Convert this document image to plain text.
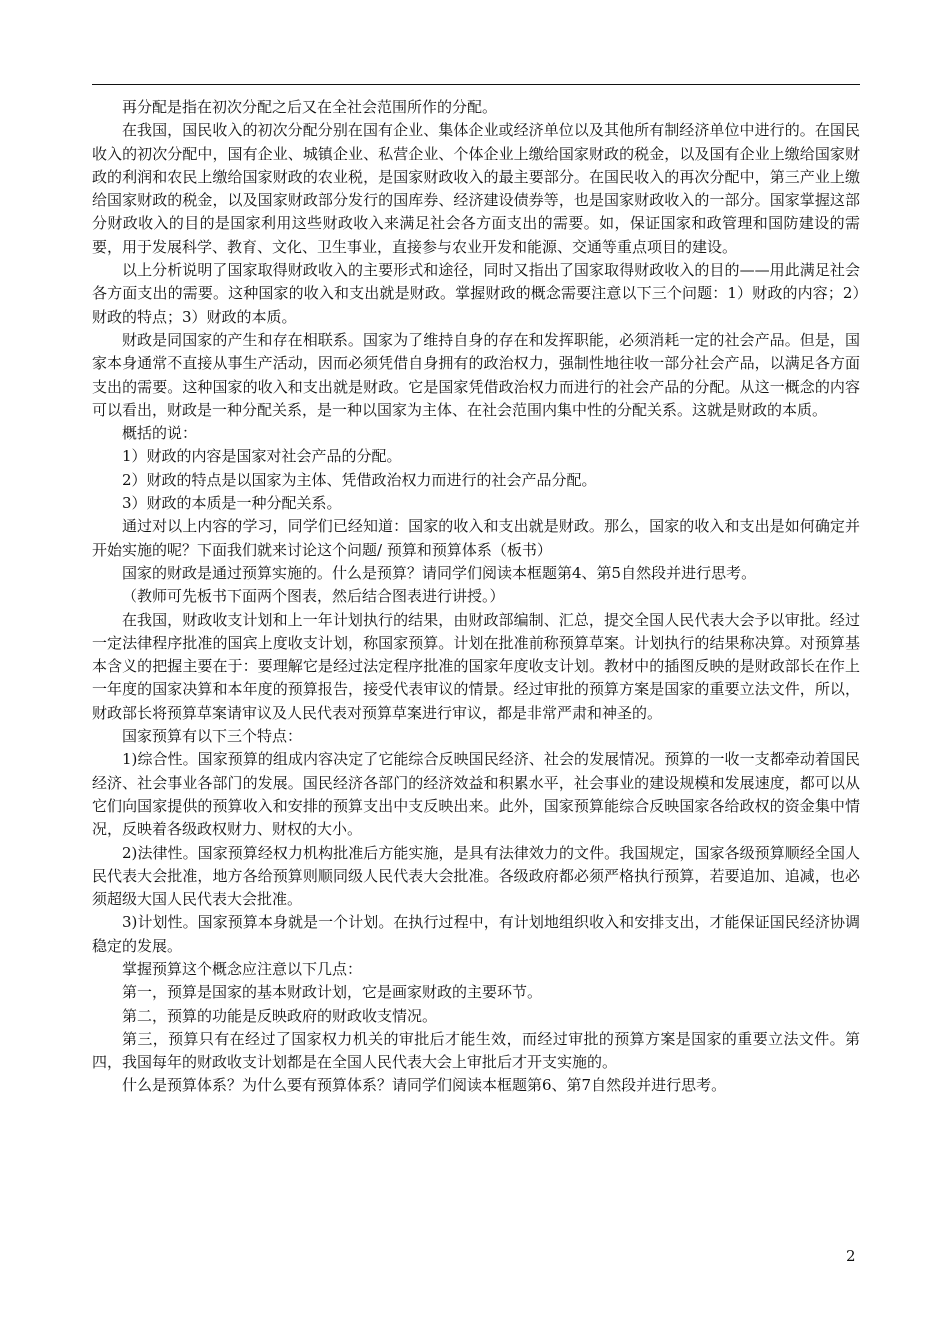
再分配是指在初次分配之后又在全社会范围所作的分配。

在我国，国民收入的初次分配分别在国有企业、集体企业或经济单位以及其他所有制经济单位中进行的。在国民收入的初次分配中，国有企业、城镇企业、私营企业、个体企业上缴给国家财政的税金，以及国有企业上缴给国家财政的利润和农民上缴给国家财政的农业税，是国家财政收入的最主要部分。在国民收入的再次分配中，第三产业上缴给国家财政的税金，以及国家财政部分发行的国库券、经济建设债券等，也是国家财政收入的一部分。国家掌握这部分财政收入的目的是国家利用这些财政收入来满足社会各方面支出的需要。如，保证国家和政管理和国防建设的需要，用于发展科学、教育、文化、卫生事业，直接参与农业开发和能源、交通等重点项目的建设。

以上分析说明了国家取得财政收入的主要形式和途径，同时又指出了国家取得财政收入的目的——用此满足社会各方面支出的需要。这种国家的收入和支出就是财政。掌握财政的概念需要注意以下三个问题：1）财政的内容；2）财政的特点；3）财政的本质。

财政是同国家的产生和存在相联系。国家为了维持自身的存在和发挥职能，必须消耗一定的社会产品。但是，国家本身通常不直接从事生产活动，因而必须凭借自身拥有的政治权力，强制性地往收一部分社会产品，以满足各方面支出的需要。这种国家的收入和支出就是财政。它是国家凭借政治权力而进行的社会产品的分配。从这一概念的内容可以看出，财政是一种分配关系，是一种以国家为主体、在社会范围内集中性的分配关系。这就是财政的本质。

概括的说：

1）财政的内容是国家对社会产品的分配。

2）财政的特点是以国家为主体、凭借政治权力而进行的社会产品分配。

3）财政的本质是一种分配关系。

通过对以上内容的学习，同学们已经知道：国家的收入和支出就是财政。那么，国家的收入和支出是如何确定并开始实施的呢？下面我们就来讨论这个问题/ 预算和预算体系（板书）

国家的财政是通过预算实施的。什么是预算？请同学们阅读本框题第4、第5自然段并进行思考。

（教师可先板书下面两个图表，然后结合图表进行讲授。）

在我国，财政收支计划和上一年计划执行的结果，由财政部编制、汇总，提交全国人民代表大会予以审批。经过一定法律程序批准的国宾上度收支计划，称国家预算。计划在批准前称预算草案。计划执行的结果称决算。对预算基本含义的把握主要在于：要理解它是经过法定程序批准的国家年度收支计划。教材中的插图反映的是财政部长在作上一年度的国家决算和本年度的预算报告，接受代表审议的情景。经过审批的预算方案是国家的重要立法文件，所以，财政部长将预算草案请审议及人民代表对预算草案进行审议，都是非常严肃和神圣的。

国家预算有以下三个特点：

1)综合性。国家预算的组成内容决定了它能综合反映国民经济、社会的发展情况。预算的一收一支都牵动着国民经济、社会事业各部门的发展。国民经济各部门的经济效益和积累水平，社会事业的建设规模和发展速度，都可以从它们向国家提供的预算收入和安排的预算支出中支反映出来。此外，国家预算能综合反映国家各给政权的资金集中情况，反映着各级政权财力、财权的大小。

2)法律性。国家预算经权力机构批准后方能实施，是具有法律效力的文件。我国规定，国家各级预算顺经全国人民代表大会批准，地方各给预算则顺同级人民代表大会批准。各级政府都必须严格执行预算，若要追加、追减，也必须超级大国人民代表大会批准。

3)计划性。国家预算本身就是一个计划。在执行过程中，有计划地组织收入和安排支出，才能保证国民经济协调稳定的发展。

掌握预算这个概念应注意以下几点：

第一，预算是国家的基本财政计划，它是画家财政的主要环节。

第二，预算的功能是反映政府的财政收支情况。

第三，预算只有在经过了国家权力机关的审批后才能生效，而经过审批的预算方案是国家的重要立法文件。第四，我国每年的财政收支计划都是在全国人民代表大会上审批后才开支实施的。

什么是预算体系？为什么要有预算体系？请同学们阅读本框题第6、第7自然段并进行思考。

2
